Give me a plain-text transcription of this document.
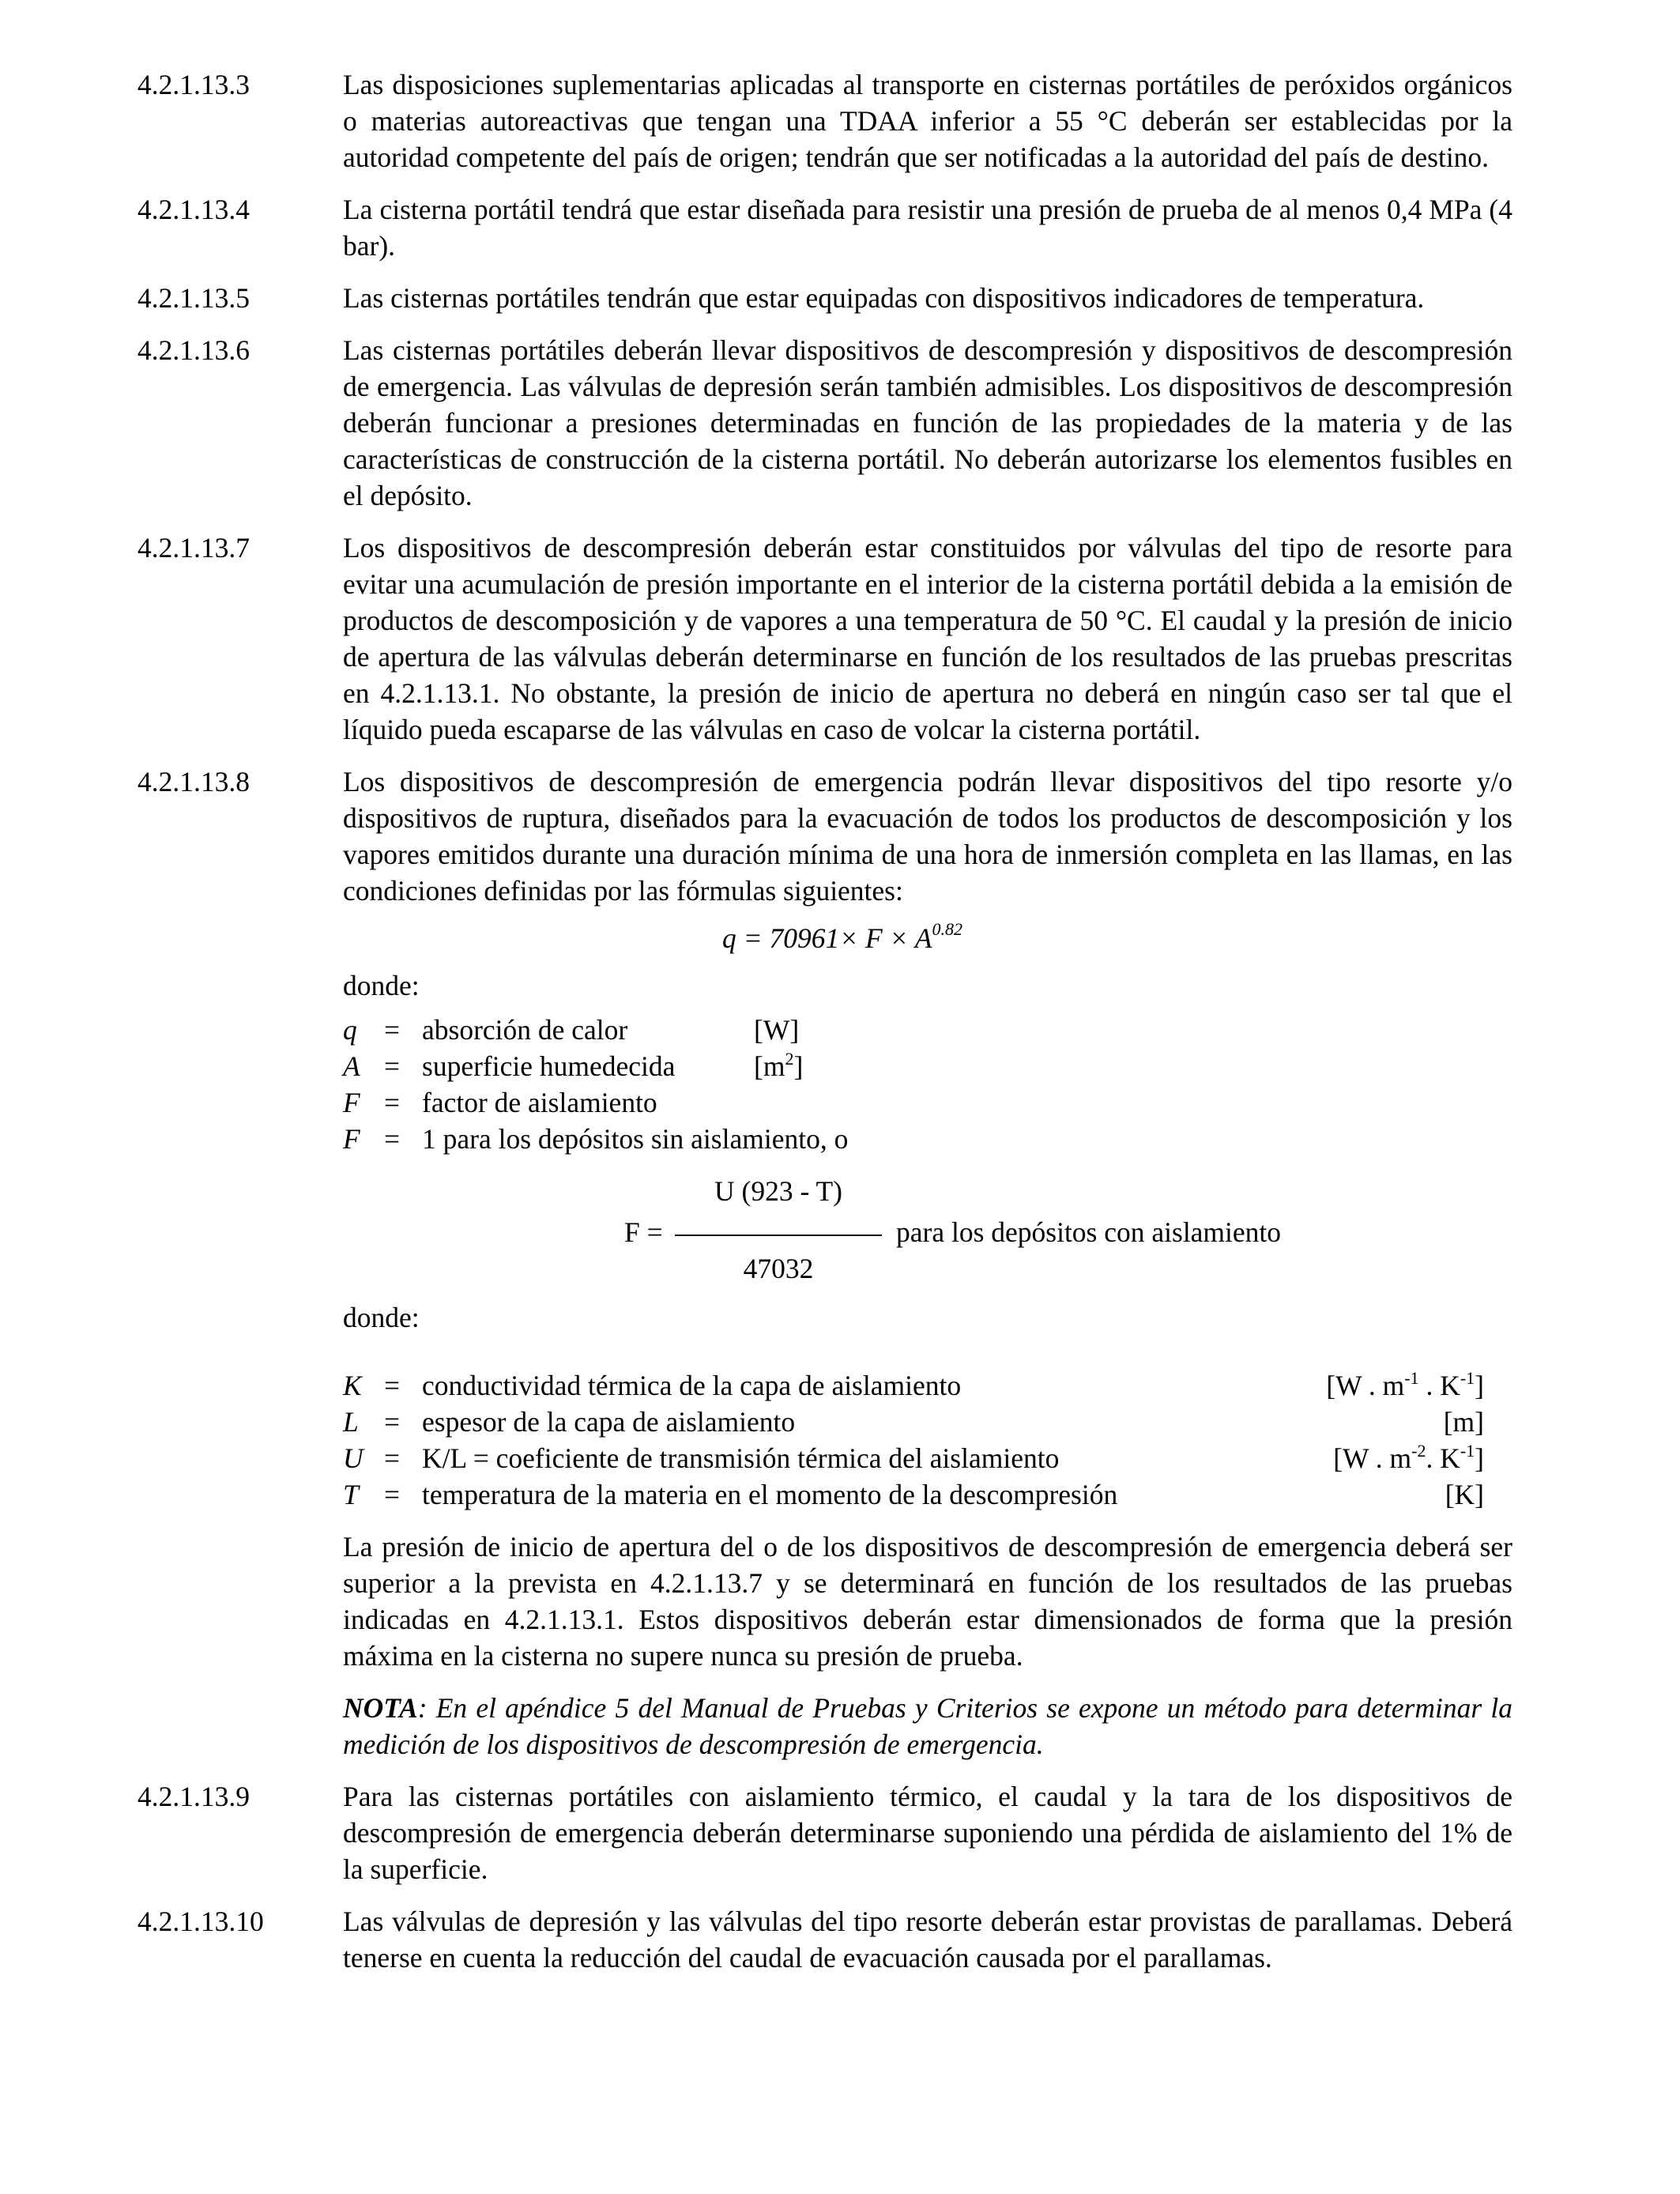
4.2.1.13.3	Las disposiciones suplementarias aplicadas al transporte en cisternas portátiles de peróxidos orgánicos o materias autoreactivas que tengan una TDAA inferior a 55 °C deberán ser establecidas por la autoridad competente del país de origen; tendrán que ser notificadas a la autoridad del país de destino.
4.2.1.13.4	La cisterna portátil tendrá que estar diseñada para resistir una presión de prueba de al menos 0,4 MPa (4 bar).
4.2.1.13.5	Las cisternas portátiles tendrán que estar equipadas con dispositivos indicadores de temperatura.
4.2.1.13.6	Las cisternas portátiles deberán llevar dispositivos de descompresión y dispositivos de descompresión de emergencia. Las válvulas de depresión serán también admisibles. Los dispositivos de descompresión deberán funcionar a presiones determinadas en función de las propiedades de la materia y de las características de construcción de la cisterna portátil. No deberán autorizarse los elementos fusibles en el depósito.
4.2.1.13.7	Los dispositivos de descompresión deberán estar constituidos por válvulas del tipo de resorte para evitar una acumulación de presión importante en el interior de la cisterna portátil debida a la emisión de productos de descomposición y de vapores a una temperatura de 50 °C. El caudal y la presión de inicio de apertura de las válvulas deberán determinarse en función de los resultados de las pruebas prescritas en 4.2.1.13.1. No obstante, la presión de inicio de apertura no deberá en ningún caso ser tal que el líquido pueda escaparse de las válvulas en caso de volcar la cisterna portátil.
4.2.1.13.8	Los dispositivos de descompresión de emergencia podrán llevar dispositivos del tipo resorte y/o dispositivos de ruptura, diseñados para la evacuación de todos los productos de descomposición y los vapores emitidos durante una duración mínima de una hora de inmersión completa en las llamas, en las condiciones definidas por las fórmulas siguientes:
$q = 70961\times F \times A^{0.82}$
donde:
q = absorción de calor	[W]
A = superficie humedecida	$[m^2]$
F = factor de aislamiento
F = 1 para los depósitos sin aislamiento, o
F =
U (923 - T)
47032
para los depósitos con aislamiento
donde:
K = conductividad térmica de la capa de aislamiento	[W . $m^{-1}$ . $K^{-1}$]
L = espesor de la capa de aislamiento	[m]
U = K/L = coeficiente de transmisión térmica del aislamiento	[W . $m^{-2}$. $K^{-1}$]
T = temperatura de la materia en el momento de la descompresión	[K]
La presión de inicio de apertura del o de los dispositivos de descompresión de emergencia deberá ser superior a la prevista en 4.2.1.13.7 y se determinará en función de los resultados de las pruebas indicadas en 4.2.1.13.1. Estos dispositivos deberán estar dimensionados de forma que la presión máxima en la cisterna no supere nunca su presión de prueba.
NOTA: En el apéndice 5 del Manual de Pruebas y Criterios se expone un método para determinar la medición de los dispositivos de descompresión de emergencia.
4.2.1.13.9	Para las cisternas portátiles con aislamiento térmico, el caudal y la tara de los dispositivos de descompresión de emergencia deberán determinarse suponiendo una pérdida de aislamiento del 1% de la superficie.
4.2.1.13.10	Las válvulas de depresión y las válvulas del tipo resorte deberán estar provistas de parallamas. Deberá tenerse en cuenta la reducción del caudal de evacuación causada por el parallamas.
